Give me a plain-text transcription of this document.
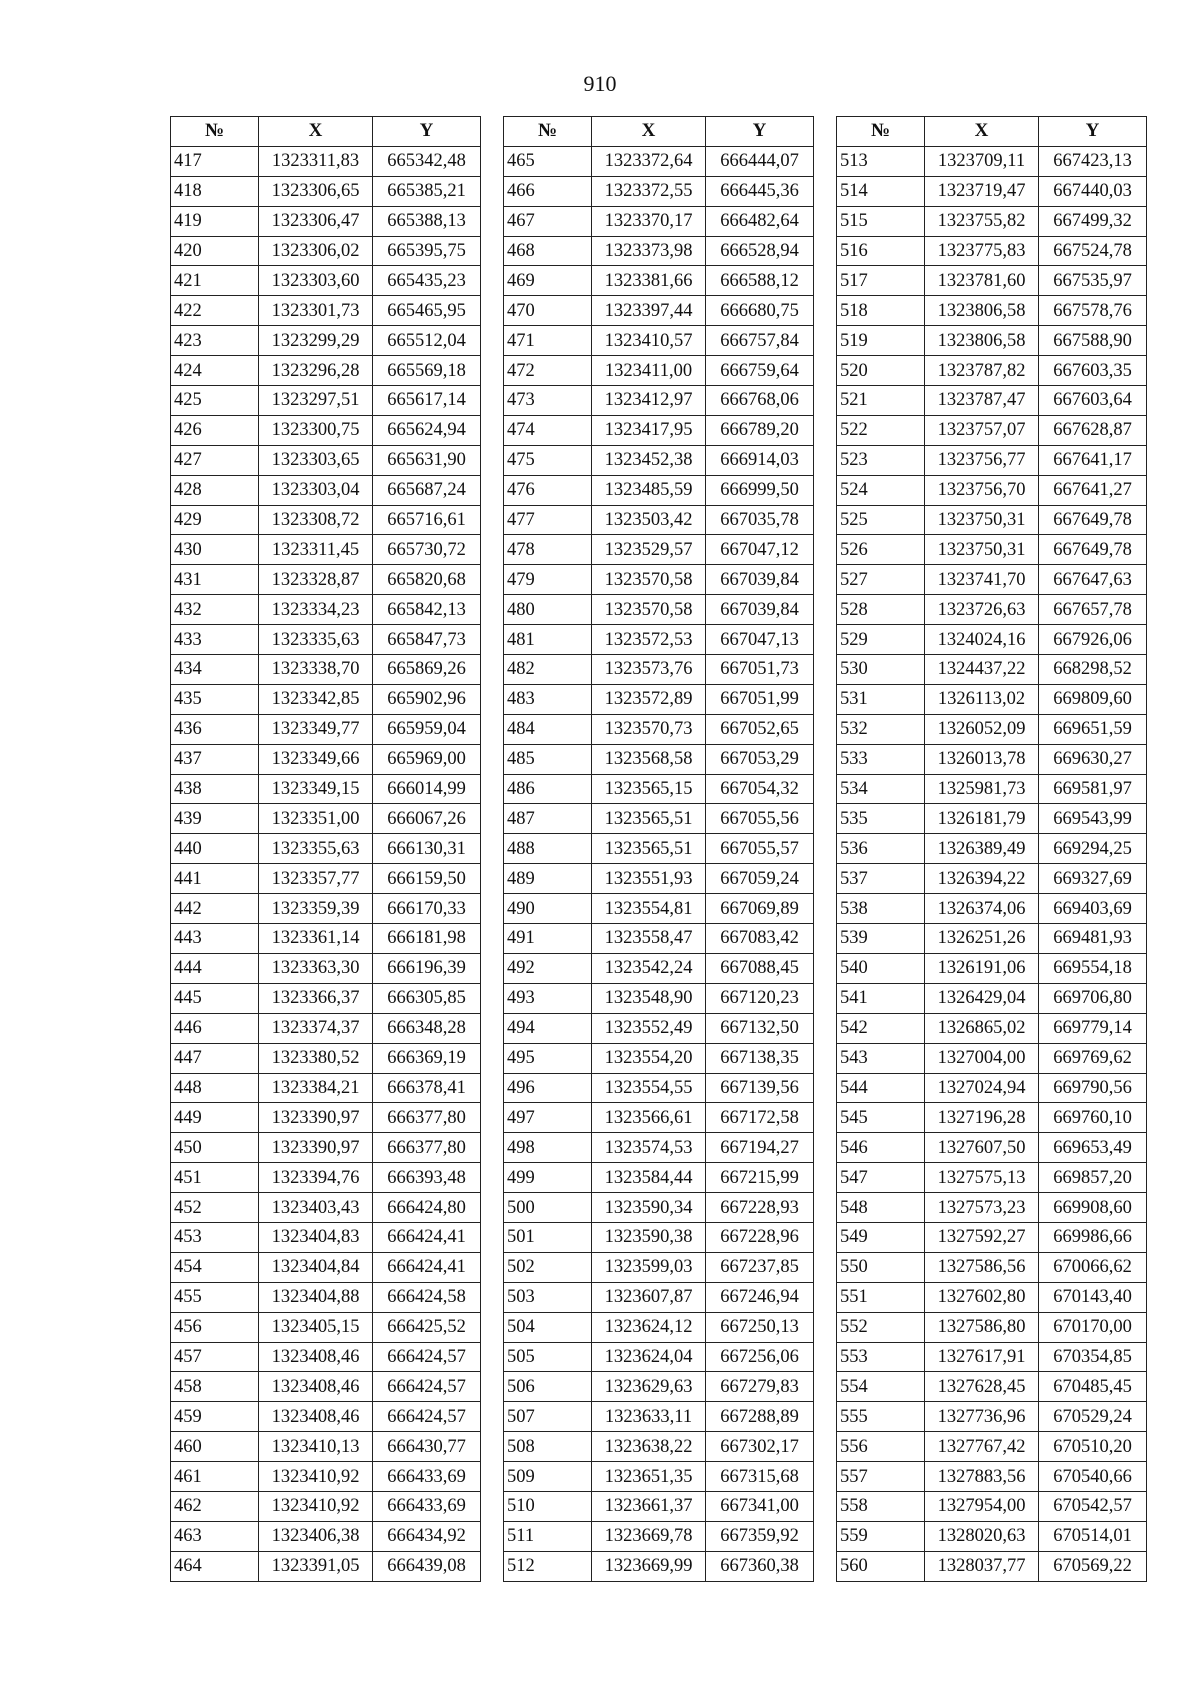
910
№	X	Y
417	1323311,83	665342,48
418	1323306,65	665385,21
419	1323306,47	665388,13
420	1323306,02	665395,75
421	1323303,60	665435,23
422	1323301,73	665465,95
423	1323299,29	665512,04
424	1323296,28	665569,18
425	1323297,51	665617,14
426	1323300,75	665624,94
427	1323303,65	665631,90
428	1323303,04	665687,24
429	1323308,72	665716,61
430	1323311,45	665730,72
431	1323328,87	665820,68
432	1323334,23	665842,13
433	1323335,63	665847,73
434	1323338,70	665869,26
435	1323342,85	665902,96
436	1323349,77	665959,04
437	1323349,66	665969,00
438	1323349,15	666014,99
439	1323351,00	666067,26
440	1323355,63	666130,31
441	1323357,77	666159,50
442	1323359,39	666170,33
443	1323361,14	666181,98
444	1323363,30	666196,39
445	1323366,37	666305,85
446	1323374,37	666348,28
447	1323380,52	666369,19
448	1323384,21	666378,41
449	1323390,97	666377,80
450	1323390,97	666377,80
451	1323394,76	666393,48
452	1323403,43	666424,80
453	1323404,83	666424,41
454	1323404,84	666424,41
455	1323404,88	666424,58
456	1323405,15	666425,52
457	1323408,46	666424,57
458	1323408,46	666424,57
459	1323408,46	666424,57
460	1323410,13	666430,77
461	1323410,92	666433,69
462	1323410,92	666433,69
463	1323406,38	666434,92
464	1323391,05	666439,08
№	X	Y
465	1323372,64	666444,07
466	1323372,55	666445,36
467	1323370,17	666482,64
468	1323373,98	666528,94
469	1323381,66	666588,12
470	1323397,44	666680,75
471	1323410,57	666757,84
472	1323411,00	666759,64
473	1323412,97	666768,06
474	1323417,95	666789,20
475	1323452,38	666914,03
476	1323485,59	666999,50
477	1323503,42	667035,78
478	1323529,57	667047,12
479	1323570,58	667039,84
480	1323570,58	667039,84
481	1323572,53	667047,13
482	1323573,76	667051,73
483	1323572,89	667051,99
484	1323570,73	667052,65
485	1323568,58	667053,29
486	1323565,15	667054,32
487	1323565,51	667055,56
488	1323565,51	667055,57
489	1323551,93	667059,24
490	1323554,81	667069,89
491	1323558,47	667083,42
492	1323542,24	667088,45
493	1323548,90	667120,23
494	1323552,49	667132,50
495	1323554,20	667138,35
496	1323554,55	667139,56
497	1323566,61	667172,58
498	1323574,53	667194,27
499	1323584,44	667215,99
500	1323590,34	667228,93
501	1323590,38	667228,96
502	1323599,03	667237,85
503	1323607,87	667246,94
504	1323624,12	667250,13
505	1323624,04	667256,06
506	1323629,63	667279,83
507	1323633,11	667288,89
508	1323638,22	667302,17
509	1323651,35	667315,68
510	1323661,37	667341,00
511	1323669,78	667359,92
512	1323669,99	667360,38
№	X	Y
513	1323709,11	667423,13
514	1323719,47	667440,03
515	1323755,82	667499,32
516	1323775,83	667524,78
517	1323781,60	667535,97
518	1323806,58	667578,76
519	1323806,58	667588,90
520	1323787,82	667603,35
521	1323787,47	667603,64
522	1323757,07	667628,87
523	1323756,77	667641,17
524	1323756,70	667641,27
525	1323750,31	667649,78
526	1323750,31	667649,78
527	1323741,70	667647,63
528	1323726,63	667657,78
529	1324024,16	667926,06
530	1324437,22	668298,52
531	1326113,02	669809,60
532	1326052,09	669651,59
533	1326013,78	669630,27
534	1325981,73	669581,97
535	1326181,79	669543,99
536	1326389,49	669294,25
537	1326394,22	669327,69
538	1326374,06	669403,69
539	1326251,26	669481,93
540	1326191,06	669554,18
541	1326429,04	669706,80
542	1326865,02	669779,14
543	1327004,00	669769,62
544	1327024,94	669790,56
545	1327196,28	669760,10
546	1327607,50	669653,49
547	1327575,13	669857,20
548	1327573,23	669908,60
549	1327592,27	669986,66
550	1327586,56	670066,62
551	1327602,80	670143,40
552	1327586,80	670170,00
553	1327617,91	670354,85
554	1327628,45	670485,45
555	1327736,96	670529,24
556	1327767,42	670510,20
557	1327883,56	670540,66
558	1327954,00	670542,57
559	1328020,63	670514,01
560	1328037,77	670569,22
